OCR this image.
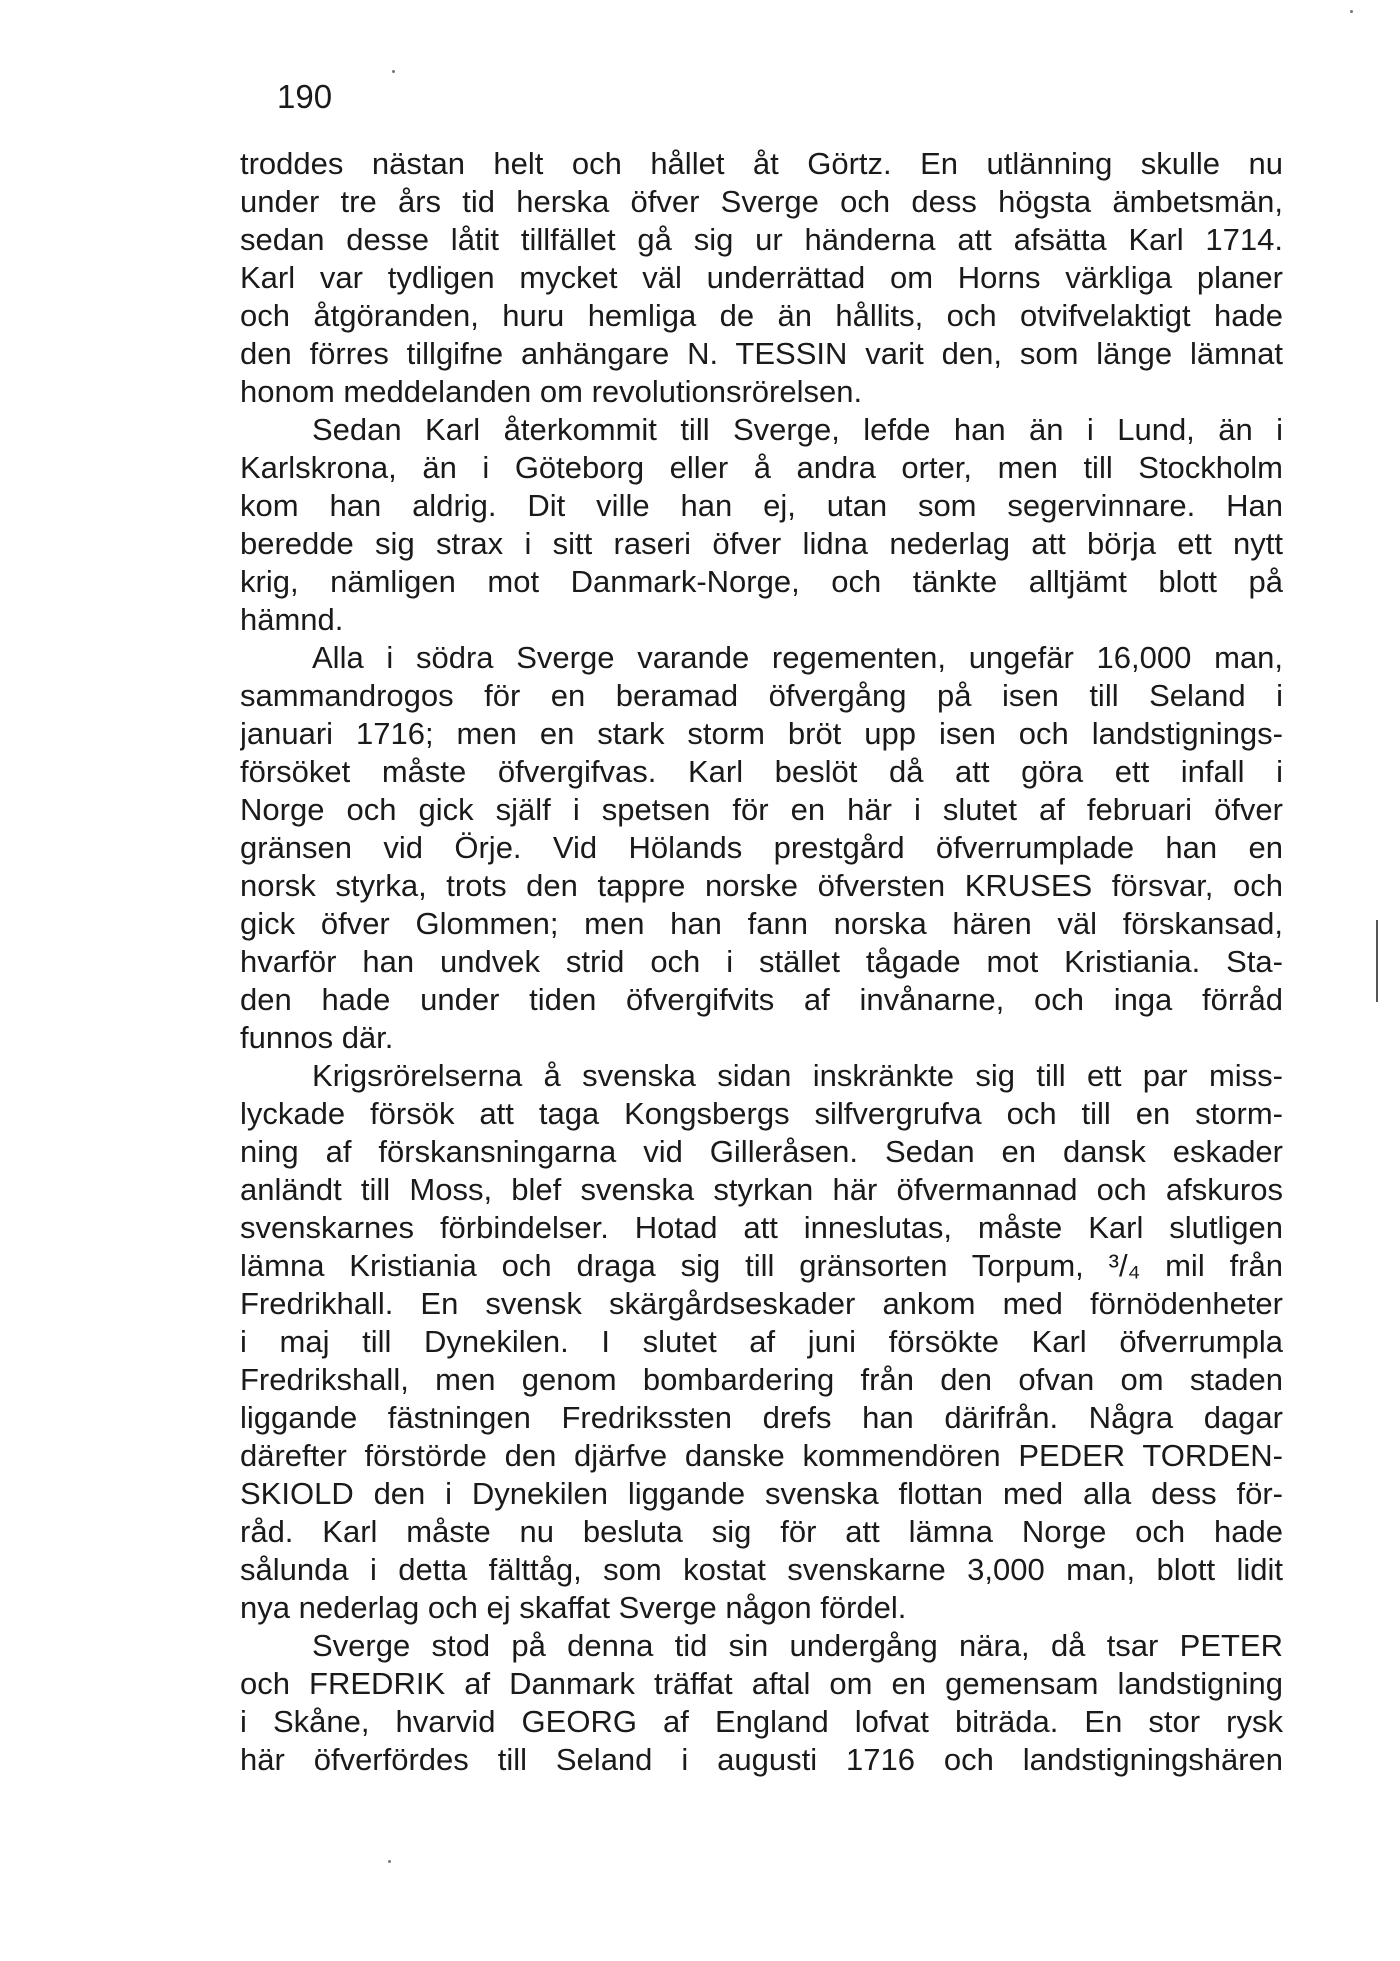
190
troddes nästan helt och hållet åt Görtz. En utlänning skulle nu
under tre års tid herska öfver Sverge och dess högsta ämbetsmän,
sedan desse låtit tillfället gå sig ur händerna att afsätta Karl 1714.
Karl var tydligen mycket väl underrättad om Horns värkliga planer
och åtgöranden, huru hemliga de än hållits, och otvifvelaktigt hade
den förres tillgifne anhängare N. TESSIN varit den, som länge lämnat
honom meddelanden om revolutionsrörelsen.
Sedan Karl återkommit till Sverge, lefde han än i Lund, än i
Karlskrona, än i Göteborg eller å andra orter, men till Stockholm
kom han aldrig. Dit ville han ej, utan som segervinnare. Han
beredde sig strax i sitt raseri öfver lidna nederlag att börja ett nytt
krig, nämligen mot Danmark-Norge, och tänkte alltjämt blott på
hämnd.
Alla i södra Sverge varande regementen, ungefär 16,000 man,
sammandrogos för en beramad öfvergång på isen till Seland i
januari 1716; men en stark storm bröt upp isen och landstignings-
försöket måste öfvergifvas. Karl beslöt då att göra ett infall i
Norge och gick själf i spetsen för en här i slutet af februari öfver
gränsen vid Örje. Vid Hölands prestgård öfverrumplade han en
norsk styrka, trots den tappre norske öfversten KRUSES försvar, och
gick öfver Glommen; men han fann norska hären väl förskansad,
hvarför han undvek strid och i stället tågade mot Kristiania. Sta-
den hade under tiden öfvergifvits af invånarne, och inga förråd
funnos där.
Krigsrörelserna å svenska sidan inskränkte sig till ett par miss-
lyckade försök att taga Kongsbergs silfvergrufva och till en storm-
ning af förskansningarna vid Gilleråsen. Sedan en dansk eskader
anländt till Moss, blef svenska styrkan här öfvermannad och afskuros
svenskarnes förbindelser. Hotad att inneslutas, måste Karl slutligen
lämna Kristiania och draga sig till gränsorten Torpum, ³/₄ mil från
Fredrikhall. En svensk skärgårdseskader ankom med förnödenheter
i maj till Dynekilen. I slutet af juni försökte Karl öfverrumpla
Fredrikshall, men genom bombardering från den ofvan om staden
liggande fästningen Fredrikssten drefs han därifrån. Några dagar
därefter förstörde den djärfve danske kommendören PEDER TORDEN-
SKIOLD den i Dynekilen liggande svenska flottan med alla dess för-
råd. Karl måste nu besluta sig för att lämna Norge och hade
sålunda i detta fälttåg, som kostat svenskarne 3,000 man, blott lidit
nya nederlag och ej skaffat Sverge någon fördel.
Sverge stod på denna tid sin undergång nära, då tsar PETER
och FREDRIK af Danmark träffat aftal om en gemensam landstigning
i Skåne, hvarvid GEORG af England lofvat biträda. En stor rysk
här öfverfördes till Seland i augusti 1716 och landstigningshären
